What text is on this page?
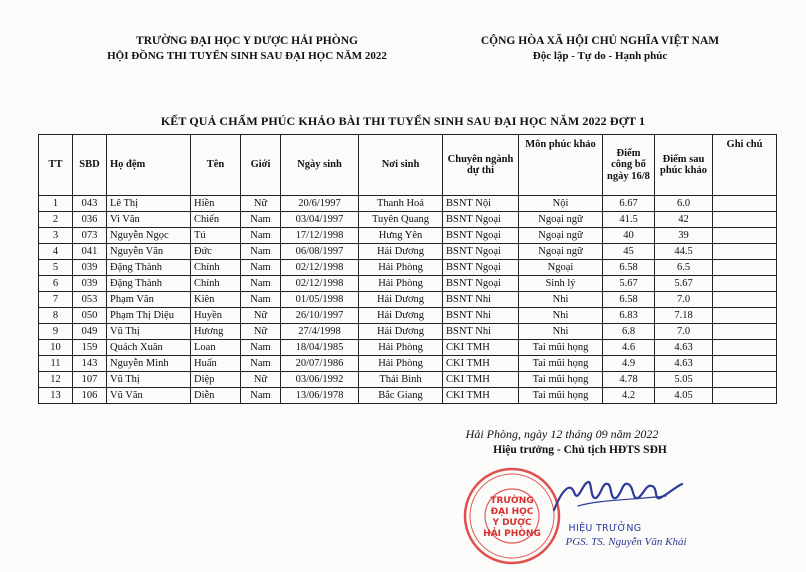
TRƯỜNG ĐẠI HỌC Y DƯỢC HẢI PHÒNG
HỘI ĐỒNG THI TUYỂN SINH SAU ĐẠI HỌC NĂM 2022
CỘNG HÒA XÃ HỘI CHỦ NGHĨA VIỆT NAM
Độc lập - Tự do - Hạnh phúc
KẾT QUẢ CHẤM PHÚC KHẢO BÀI THI TUYỂN SINH SAU ĐẠI HỌC NĂM 2022 ĐỢT 1
TT	SBD	Họ đệm	Tên	Giới	Ngày sinh	Nơi sinh	Chuyên ngành dự thi	Môn phúc khảo	Điểm công bố ngày 16/8	Điểm sau phúc khảo	Ghi chú
1	043	Lê Thị	Hiền	Nữ	20/6/1997	Thanh Hoá	BSNT Nội	Nội	6.67	6.0	
2	036	Vi Văn	Chiến	Nam	03/04/1997	Tuyên Quang	BSNT Ngoại	Ngoại ngữ	41.5	42	
3	073	Nguyễn Ngọc	Tú	Nam	17/12/1998	Hưng Yên	BSNT Ngoại	Ngoại ngữ	40	39	
4	041	Nguyễn Văn	Đức	Nam	06/08/1997	Hải Dương	BSNT Ngoại	Ngoại ngữ	45	44.5	
5	039	Đặng Thành	Chính	Nam	02/12/1998	Hải Phòng	BSNT Ngoại	Ngoại	6.58	6.5	
6	039	Đặng Thành	Chính	Nam	02/12/1998	Hải Phòng	BSNT Ngoại	Sinh lý	5.67	5.67	
7	053	Phạm Văn	Kiên	Nam	01/05/1998	Hải Dương	BSNT Nhi	Nhi	6.58	7.0	
8	050	Phạm Thị Diệu	Huyền	Nữ	26/10/1997	Hải Dương	BSNT Nhi	Nhi	6.83	7.18	
9	049	Vũ Thị	Hương	Nữ	27/4/1998	Hải Dương	BSNT Nhi	Nhi	6.8	7.0	
10	159	Quách Xuân	Loan	Nam	18/04/1985	Hải Phòng	CKI TMH	Tai mũi họng	4.6	4.63	
11	143	Nguyễn Minh	Huấn	Nam	20/07/1986	Hải Phòng	CKI TMH	Tai mũi họng	4.9	4.63	
12	107	Vũ Thị	Diệp	Nữ	03/06/1992	Thái Bình	CKI TMH	Tai mũi họng	4.78	5.05	
13	106	Vũ Văn	Diễn	Nam	13/06/1978	Bắc Giang	CKI TMH	Tai mũi họng	4.2	4.05	
Hải Phòng, ngày 12 tháng 09 năm 2022
Hiệu trưởng - Chủ tịch HĐTS SĐH
TRƯỜNG
ĐẠI HỌC
Y DƯỢC
HẢI PHÒNG	HIỆU TRƯỞNG
PGS. TS. Nguyễn Văn Khải
